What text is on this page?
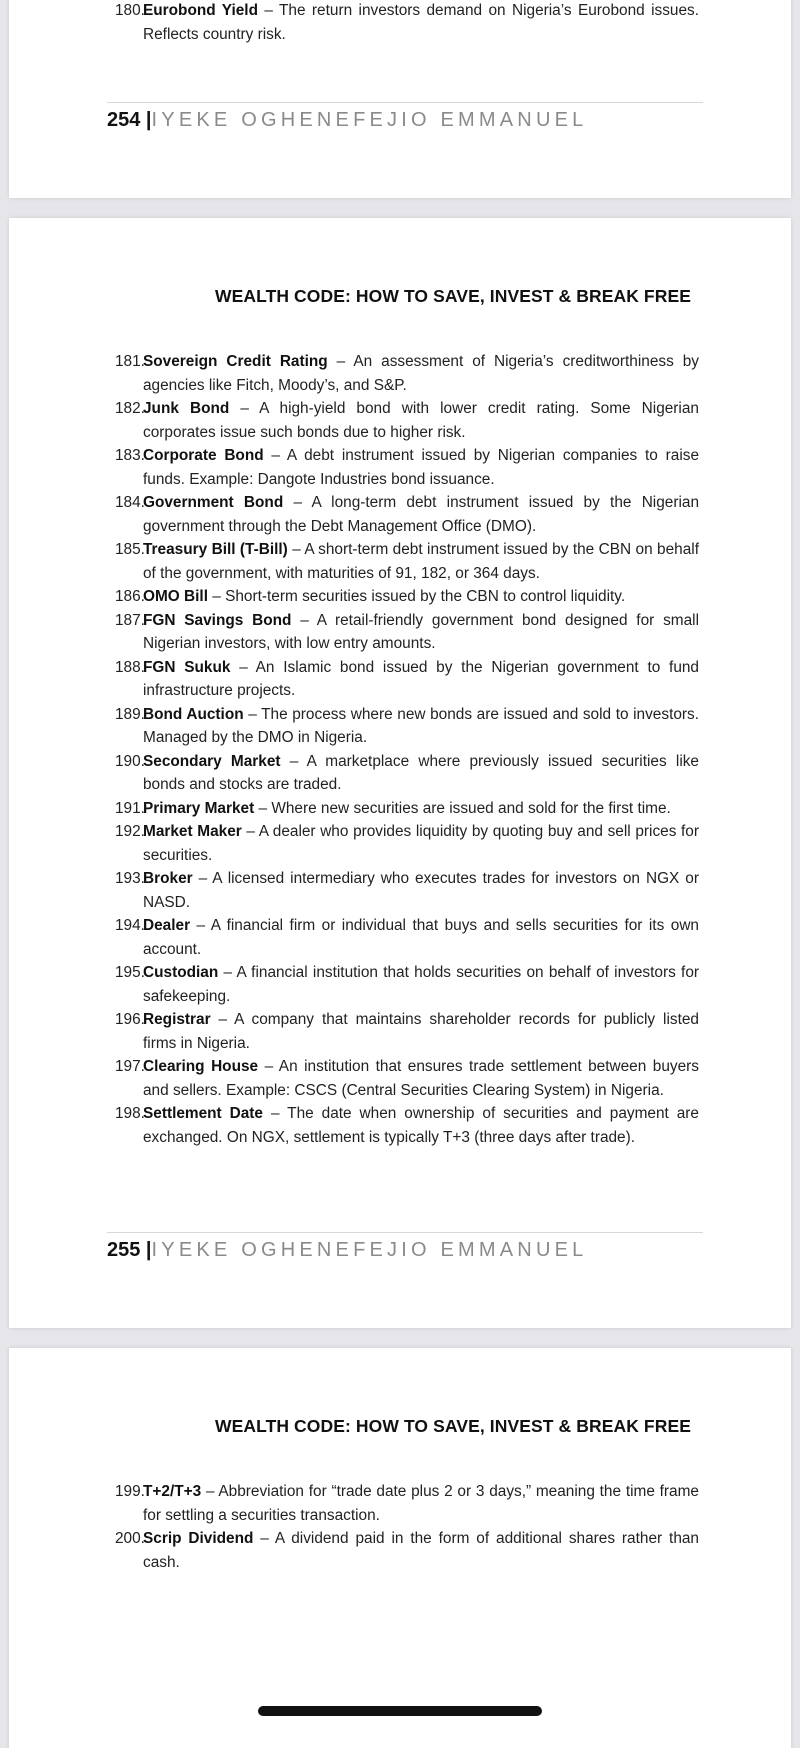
180.
Eurobond Yield – The return investors demand on Nigeria’s Eurobond issues. Reflects country risk.
254 |IYEKE OGHENEFEJIO EMMANUEL
WEALTH CODE: HOW TO SAVE, INVEST & BREAK FREE
181.
Sovereign Credit Rating – An assessment of Nigeria’s creditworthiness by agencies like Fitch, Moody’s, and S&P.
182.
Junk Bond – A high-yield bond with lower credit rating. Some Nigerian corporates issue such bonds due to higher risk.
183.
Corporate Bond – A debt instrument issued by Nigerian companies to raise funds. Example: Dangote Industries bond issuance.
184.
Government Bond – A long-term debt instrument issued by the Nigerian government through the Debt Management Office (DMO).
185.
Treasury Bill (T-Bill) – A short-term debt instrument issued by the CBN on behalf of the government, with maturities of 91, 182, or 364 days.
186.
OMO Bill – Short-term securities issued by the CBN to control liquidity.
187.
FGN Savings Bond – A retail-friendly government bond designed for small Nigerian investors, with low entry amounts.
188.
FGN Sukuk – An Islamic bond issued by the Nigerian government to fund infrastructure projects.
189.
Bond Auction – The process where new bonds are issued and sold to investors. Managed by the DMO in Nigeria.
190.
Secondary Market – A marketplace where previously issued securities like bonds and stocks are traded.
191.
Primary Market – Where new securities are issued and sold for the first time.
192.
Market Maker – A dealer who provides liquidity by quoting buy and sell prices for securities.
193.
Broker – A licensed intermediary who executes trades for investors on NGX or NASD.
194.
Dealer – A financial firm or individual that buys and sells securities for its own account.
195.
Custodian – A financial institution that holds securities on behalf of investors for safekeeping.
196.
Registrar – A company that maintains shareholder records for publicly listed firms in Nigeria.
197.
Clearing House – An institution that ensures trade settlement between buyers and sellers. Example: CSCS (Central Securities Clearing System) in Nigeria.
198.
Settlement Date – The date when ownership of securities and payment are exchanged. On NGX, settlement is typically T+3 (three days after trade).
255 |IYEKE OGHENEFEJIO EMMANUEL
WEALTH CODE: HOW TO SAVE, INVEST & BREAK FREE
199.
T+2/T+3 – Abbreviation for “trade date plus 2 or 3 days,” meaning the time frame for settling a securities transaction.
200.
Scrip Dividend – A dividend paid in the form of additional shares rather than cash.
